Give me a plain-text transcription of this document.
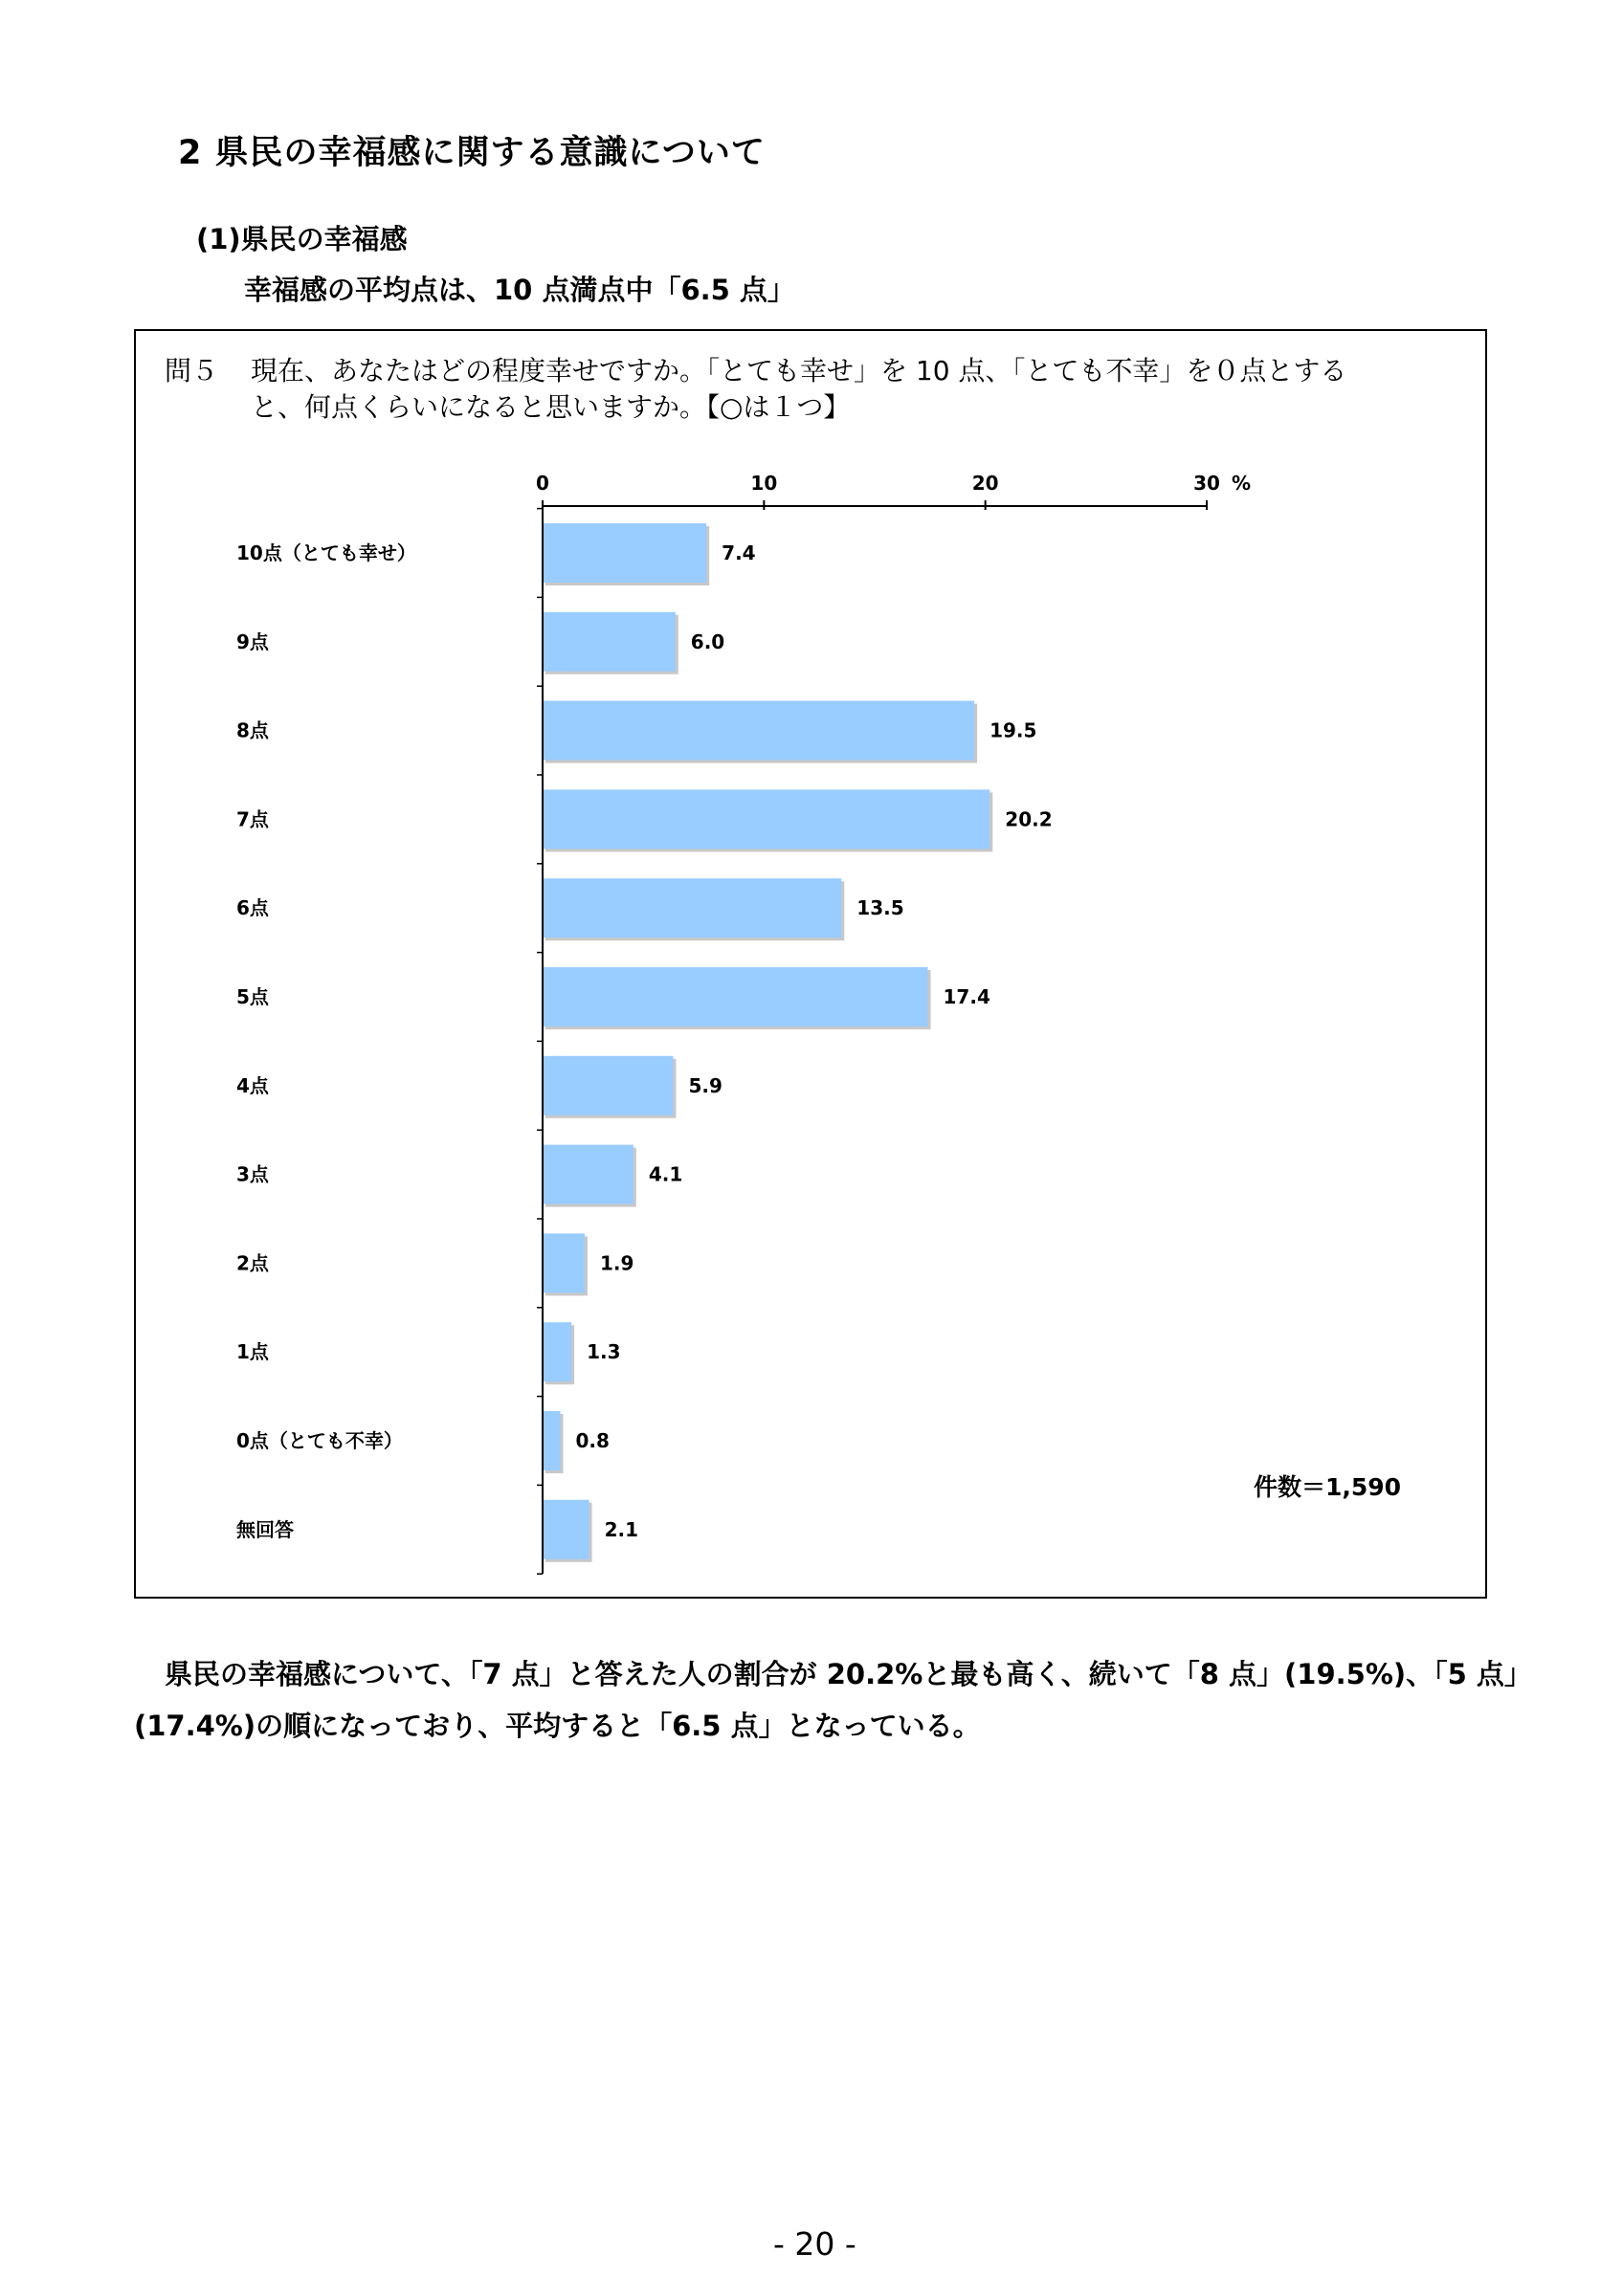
2 県民の幸福感に関する意識について
(1)県民の幸福感
幸福感の平均点は、10 点満点中「6.5 点」
問５ 現在、あなたはどの程度幸せですか。「とても幸せ」を 10 点、「とても不幸」を０点とする
と、何点くらいになると思いますか。【○は１つ】
0	10	20	30 %
10点（とても幸せ）	7.4
9点	6.0
8点	19.5
7点	20.2
6点	13.5
5点	17.4
4点	5.9
3点	4.1
2点	1.9
1点	1.3
0点（とても不幸）	0.8
無回答	2.1
件数＝1,590
県民の幸福感について、「7 点」と答えた人の割合が 20.2%と最も高く、続いて「8 点」(19.5%)、「5 点」
(17.4%)の順になっており、平均すると「6.5 点」となっている。
- 20 -
